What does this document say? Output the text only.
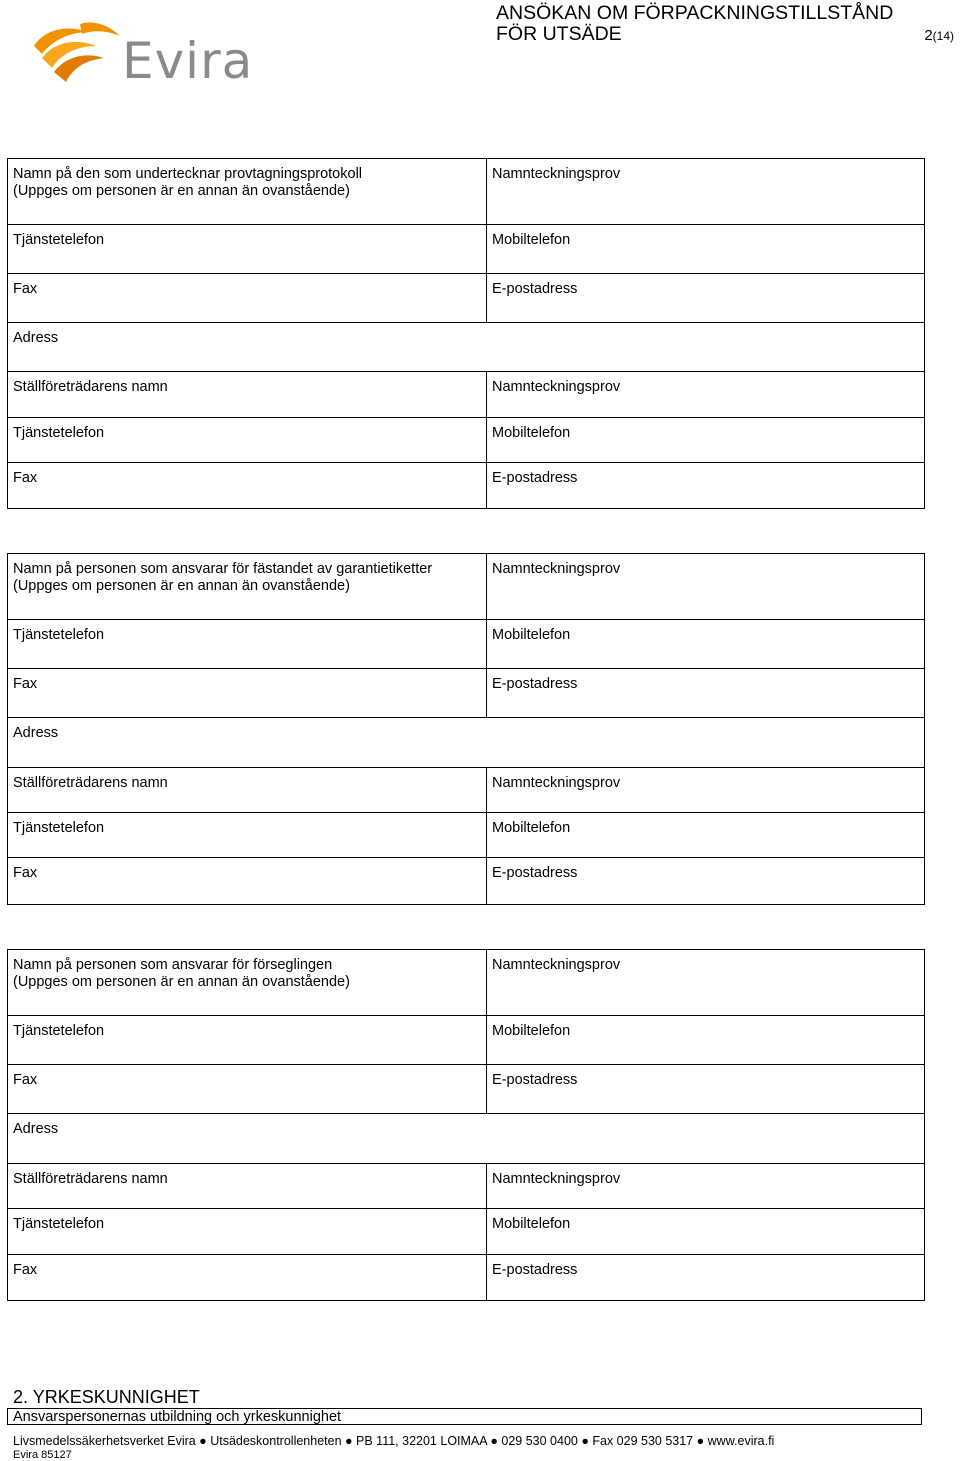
Evira
ANSÖKAN OM FÖRPACKNINGSTILLSTÅND
FÖR UTSÄDE	2(14)
Namn på den som undertecknar provtagningsprotokoll
(Uppges om personen är en annan än ovanstående)	Namnteckningsprov

Tjänstetelefon	Mobiltelefon

Fax	E-postadress

Adress	

Ställföreträdarens namn	Namnteckningsprov

Tjänstetelefon	Mobiltelefon

Fax	E-postadress
Namn på personen som ansvarar för fästandet av garantietiketter
(Uppges om personen är en annan än ovanstående)	Namnteckningsprov

Tjänstetelefon	Mobiltelefon

Fax	E-postadress

Adress	

Ställföreträdarens namn	Namnteckningsprov

Tjänstetelefon	Mobiltelefon

Fax	E-postadress
Namn på personen som ansvarar för förseglingen
(Uppges om personen är en annan än ovanstående)	Namnteckningsprov

Tjänstetelefon	Mobiltelefon

Fax	E-postadress

Adress	

Ställföreträdarens namn	Namnteckningsprov

Tjänstetelefon	Mobiltelefon

Fax	E-postadress
2. YRKESKUNNIGHET
Ansvarspersonernas utbildning och yrkeskunnighet
Livsmedelssäkerhetsverket Evira ● Utsädeskontrollenheten ● PB 111, 32201 LOIMAA ● 029 530 0400 ● Fax 029 530 5317 ● www.evira.fi
Evira 85127
